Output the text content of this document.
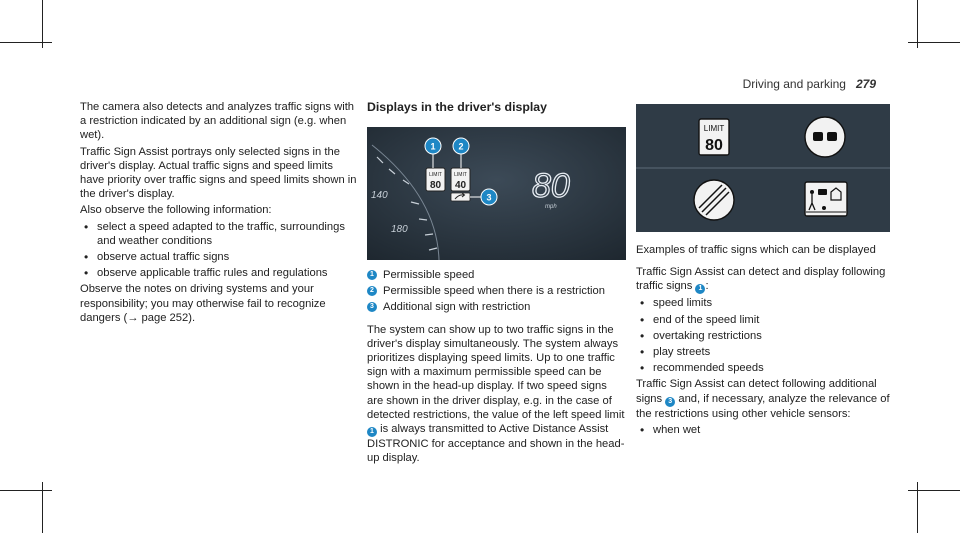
Driving and parking 279

The camera also detects and analyzes traffic signs with a restriction indicated by an additional sign (e.g. when wet).

Traffic Sign Assist portrays only selected signs in the driver's display. Actual traffic signs and speed limits have priority over traffic signs and speed limits shown in the driver's display.

Also observe the following information:

• select a speed adapted to the traffic, surroundings and weather conditions
• observe actual traffic signs
• observe applicable traffic rules and regulations

Observe the notes on driving systems and your responsibility; you may otherwise fail to recognize dangers (→ page 252).

Displays in the driver's display
140
180
LIMIT
80
LIMIT
40
1	2
3 80
mph
1 Permissible speed
2 Permissible speed when there is a restriction
3 Additional sign with restriction

The system can show up to two traffic signs in the driver's display simultaneously. The system always prioritizes displaying speed limits. Up to one traffic sign with a maximum permissible speed can be shown in the head-up display. If two speed signs are shown in the driver display, e.g. in the case of detected restrictions, the value of the left speed limit 1 is always transmitted to Active Distance Assist DISTRONIC for acceptance and shown in the head-up display.

LIMIT
80

Examples of traffic signs which can be displayed

Traffic Sign Assist can detect and display following traffic signs 1 :

• speed limits
• end of the speed limit
• overtaking restrictions
• play streets
• recommended speeds

Traffic Sign Assist can detect following additional signs 3 and, if necessary, analyze the relevance of the restrictions using other vehicle sensors:

• when wet
